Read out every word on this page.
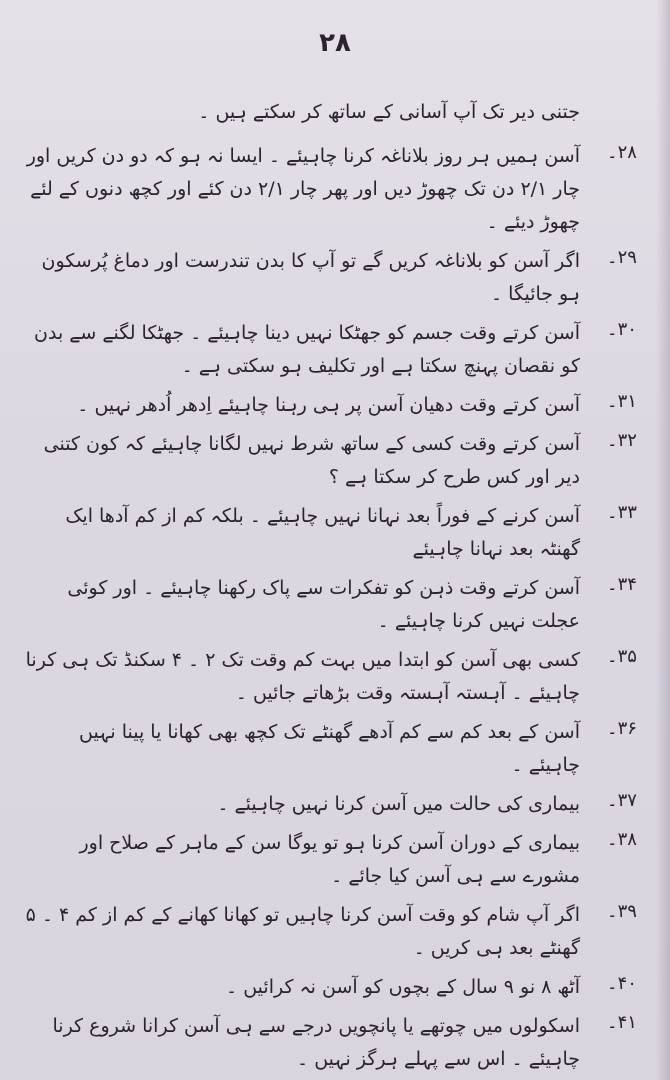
۲۸
جتنی دیر تک آپ آسانی کے ساتھ کر سکتے ہیں ۔
۲۸۔
آسن ہمیں ہر روز بلاناغہ کرنا چاہیئے ۔ ایسا نہ ہو کہ دو دن کریں اور چار ۲/۱ دن تک چھوڑ دیں اور پھر چار ۲/۱ دن کئے اور کچھ دنوں کے لئے چھوڑ دیئے ۔
۲۹۔
اگر آسن کو بلاناغہ کریں گے تو آپ کا بدن تندرست اور دماغ پُرسکون ہو جائیگا ۔
۳۰۔
آسن کرتے وقت جسم کو جھٹکا نہیں دینا چاہیئے ۔ جھٹکا لگنے سے بدن کو نقصان پہنچ سکتا ہے اور تکلیف ہو سکتی ہے ۔
۳۱۔
آسن کرتے وقت دھیان آسن پر ہی رہنا چاہیئے اِدھر اُدھر نہیں ۔
۳۲۔
آسن کرتے وقت کسی کے ساتھ شرط نہیں لگانا چاہیئے کہ کون کتنی دیر اور کس طرح کر سکتا ہے ؟
۳۳۔
آسن کرنے کے فوراً بعد نہانا نہیں چاہیئے ۔ بلکہ کم از کم آدھا ایک گھنٹہ بعد نہانا چاہیئے
۳۴۔
آسن کرتے وقت ذہن کو تفکرات سے پاک رکھنا چاہیئے ۔ اور کوئی عجلت نہیں کرنا چاہیئے ۔
۳۵۔
کسی بھی آسن کو ابتدا میں بہت کم وقت تک ۲ ۔ ۴ سکنڈ تک ہی کرنا چاہیئے ۔ آہستہ آہستہ وقت بڑھاتے جائیں ۔
۳۶۔
آسن کے بعد کم سے کم آدھے گھنٹے تک کچھ بھی کھانا یا پینا نہیں چاہیئے ۔
۳۷۔
بیماری کی حالت میں آسن کرنا نہیں چاہیئے ۔
۳۸۔
بیماری کے دوران آسن کرنا ہو تو یوگا سن کے ماہر کے صلاح اور مشورے سے ہی آسن کیا جائے ۔
۳۹۔
اگر آپ شام کو وقت آسن کرنا چاہیں تو کھانا کھانے کے کم از کم ۴ ۔ ۵ گھنٹے بعد ہی کریں ۔
۴۰۔
آٹھ ۸ نو ۹ سال کے بچوں کو آسن نہ کرائیں ۔
۴۱۔
اسکولوں میں چوتھے یا پانچویں درجے سے ہی آسن کرانا شروع کرنا چاہیئے ۔ اس سے پہلے ہرگز نہیں ۔
